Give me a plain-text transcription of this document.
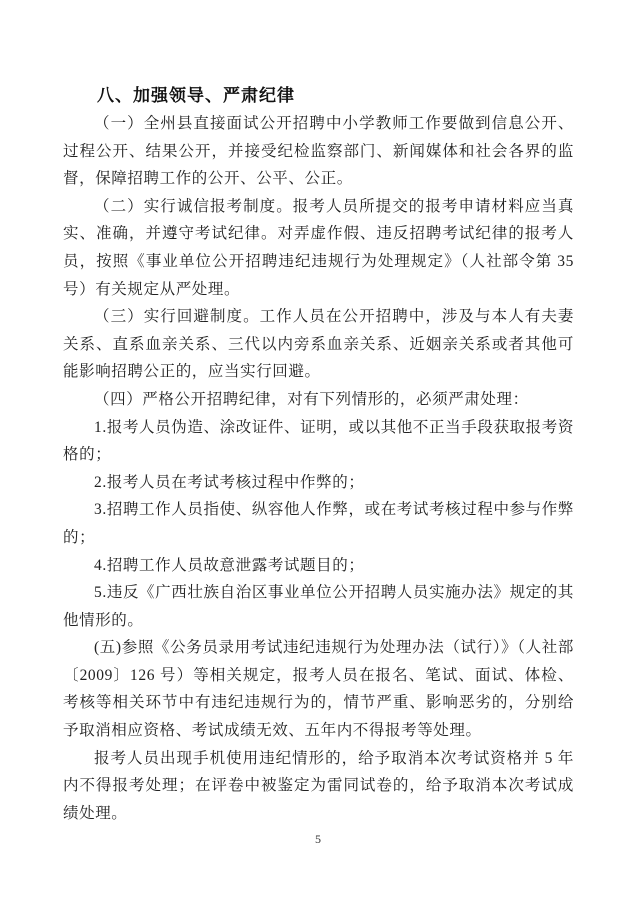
八、加强领导、严肃纪律

（一）全州县直接面试公开招聘中小学教师工作要做到信息公开、过程公开、结果公开，并接受纪检监察部门、新闻媒体和社会各界的监督，保障招聘工作的公开、公平、公正。

（二）实行诚信报考制度。报考人员所提交的报考申请材料应当真实、准确，并遵守考试纪律。对弄虚作假、违反招聘考试纪律的报考人员，按照《事业单位公开招聘违纪违规行为处理规定》（人社部令第 35 号）有关规定从严处理。

（三）实行回避制度。工作人员在公开招聘中，涉及与本人有夫妻关系、直系血亲关系、三代以内旁系血亲关系、近姻亲关系或者其他可能影响招聘公正的，应当实行回避。

（四）严格公开招聘纪律，对有下列情形的，必须严肃处理：

1.报考人员伪造、涂改证件、证明，或以其他不正当手段获取报考资格的；

2.报考人员在考试考核过程中作弊的；

3.招聘工作人员指使、纵容他人作弊，或在考试考核过程中参与作弊的；

4.招聘工作人员故意泄露考试题目的；

5.违反《广西壮族自治区事业单位公开招聘人员实施办法》规定的其他情形的。

(五)参照《公务员录用考试违纪违规行为处理办法（试行）》（人社部〔2009〕126 号）等相关规定，报考人员在报名、笔试、面试、体检、考核等相关环节中有违纪违规行为的，情节严重、影响恶劣的，分别给予取消相应资格、考试成绩无效、五年内不得报考等处理。

报考人员出现手机使用违纪情形的，给予取消本次考试资格并 5 年内不得报考处理；在评卷中被鉴定为雷同试卷的，给予取消本次考试成绩处理。

5
